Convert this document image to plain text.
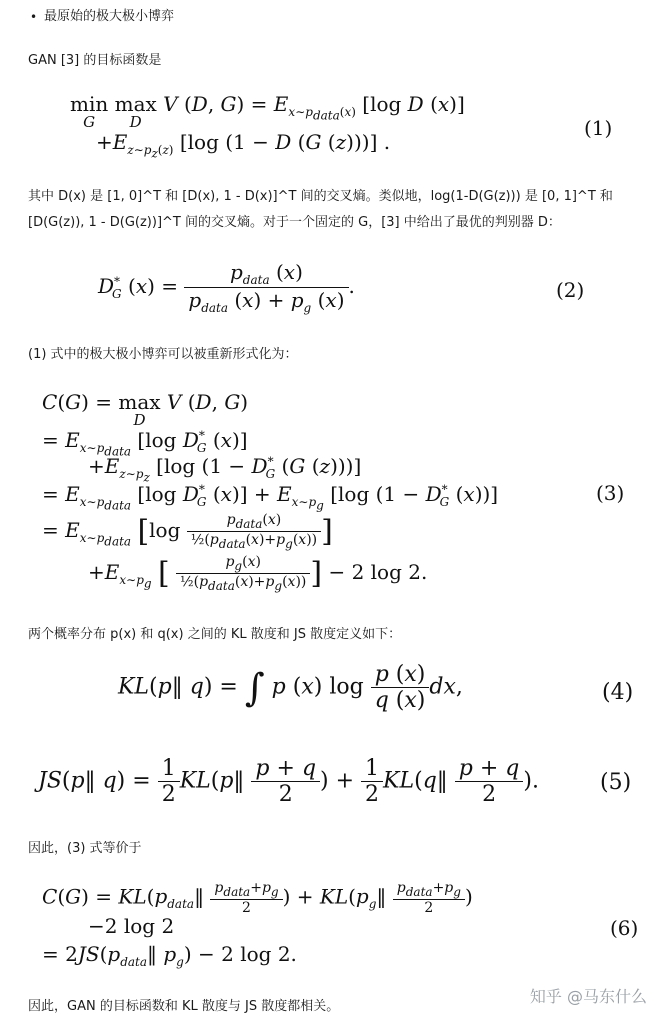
• 最原始的极大极小博弈
GAN [3] 的目标函数是
min
G
max
D
V (D, $G) = E_{x\sim p_{data}(x)}$ [log D (x)]
$+E_{z\sim p_z(z)}$ [log (1 − D (G (z)))] .
(1)
其中 D(x) 是 [1, 0]^T 和 [D(x), 1 - D(x)]^T 间的交叉熵。类似地，log(1-D(G(z))) 是 [0, 1]^T 和 [D(G(z)), 1 - D(G(z))]^T 间的交叉熵。对于一个固定的 G，[3] 中给出了最优的判别器 D：
$D^*_G$ $(x) = \frac{p_{data} (x)}{p_{data} (x) + p_g (x)}$ .	(2)
(1) 式中的极大极小博弈可以被重新形式化为：
C(G) = max
D
V (D, G)
= $E_{x\sim p_{data}}$ [log $D^*_G$ (x)]
$+E_{z\sim p_z}$ [log ($1 - D^*_G$ (G (z)))]
= $E_{x\sim p_{data}}$ [log $D^*_G$ $(x)] + E_{x\sim p_g}$ [log ($1 - D^*_G$ (x))]	(3)
= $E_{x\sim p_{data}}$ [$\log \frac{p_{data}(x)}{\frac{1}{2}(p_{data}(x)+p_g(x))}$ ]
$+E_{x\sim p_g}$ [ $\frac{p_g(x)}{\frac{1}{2}(p_{data}(x)+p_g(x))}$ ] − 2 log 2.
两个概率分布 p(x) 和 q(x) 之间的 KL 散度和 JS 散度定义如下：
KL(p‖ q) = ∫ p (x) $\log \frac{p (x)}{q (x)}$ dx,	(4)
JS(p‖ $q) = \frac{1}{2}$ KL(p‖ $\frac{p + q}{2}$ ) + $\frac{1}{2}$ KL(q‖ $\frac{p + q}{2}$ ).	(5)
因此，(3) 式等价于
$C(G) = KL(p_{data}‖ \frac{p_{data}+p_g}{2}$ ) + $KL(p_g‖ \frac{p_{data}+p_g}{2}$ )
−2 log 2	(6)
= $2JS(p_{data}‖$ $p_g) - 2$ log 2.
知乎 @马东什么
因此，GAN 的目标函数和 KL 散度与 JS 散度都相关。
